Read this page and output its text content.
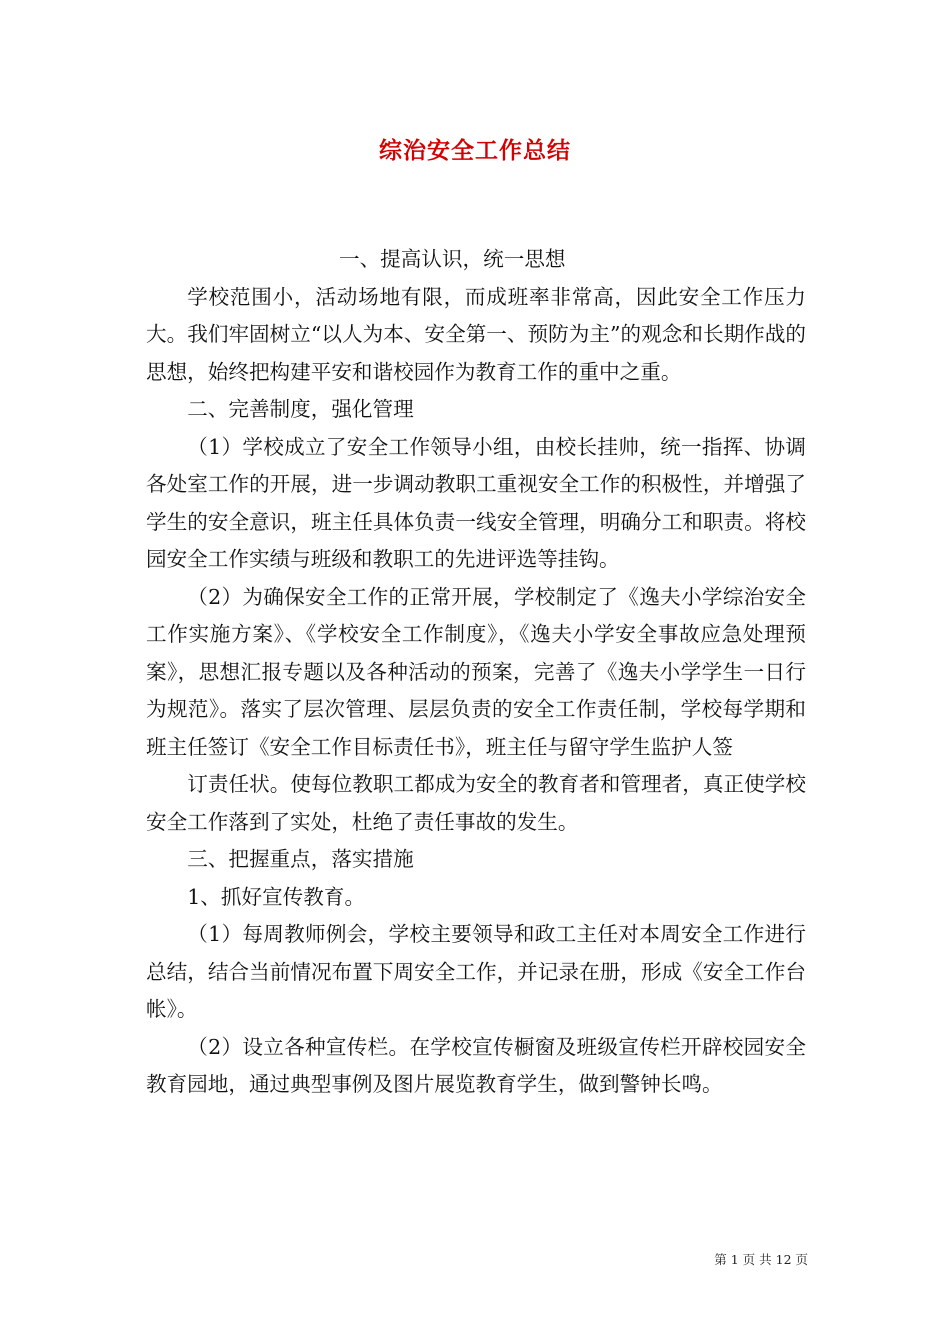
综治安全工作总结

一、提高认识，统一思想

学校范围小，活动场地有限，而成班率非常高，因此安全工作压力大。我们牢固树立“以人为本、安全第一、预防为主”的观念和长期作战的思想，始终把构建平安和谐校园作为教育工作的重中之重。

二、完善制度，强化管理

（1）学校成立了安全工作领导小组，由校长挂帅，统一指挥、协调各处室工作的开展，进一步调动教职工重视安全工作的积极性，并增强了学生的安全意识，班主任具体负责一线安全管理，明确分工和职责。将校园安全工作实绩与班级和教职工的先进评选等挂钩。

（2）为确保安全工作的正常开展，学校制定了《逸夫小学综治安全工作实施方案》、《学校安全工作制度》，《逸夫小学安全事故应急处理预案》，思想汇报专题以及各种活动的预案，完善了《逸夫小学学生一日行为规范》。落实了层次管理、层层负责的安全工作责任制，学校每学期和班主任签订《安全工作目标责任书》，班主任与留守学生监护人签

订责任状。使每位教职工都成为安全的教育者和管理者，真正使学校安全工作落到了实处，杜绝了责任事故的发生。

三、把握重点，落实措施

1、抓好宣传教育。

（1）每周教师例会，学校主要领导和政工主任对本周安全工作进行总结，结合当前情况布置下周安全工作，并记录在册，形成《安全工作台帐》。

（2）设立各种宣传栏。在学校宣传橱窗及班级宣传栏开辟校园安全教育园地，通过典型事例及图片展览教育学生，做到警钟长鸣。

第 1 页 共 12 页
